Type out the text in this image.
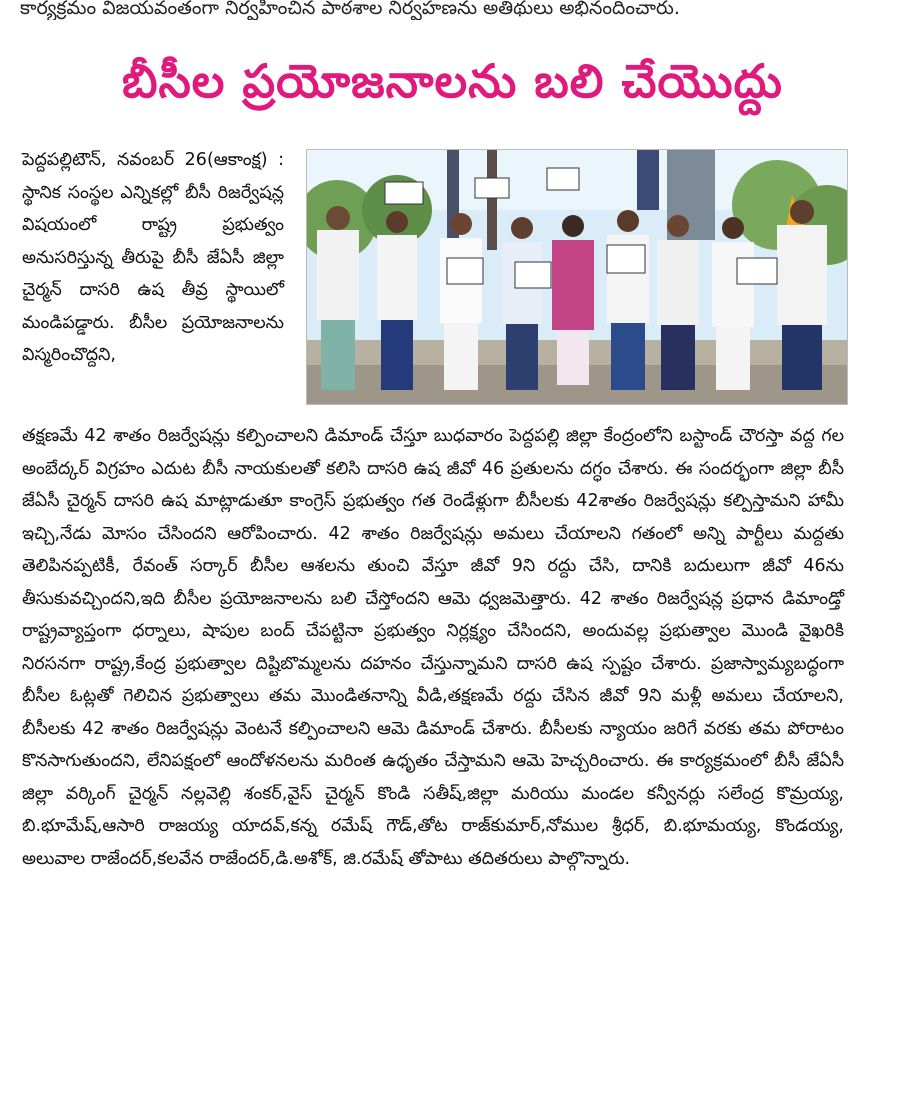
కార్యక్రమం విజయవంతంగా నిర్వహించిన పాఠశాల నిర్వహణను అతిథులు అభినందించారు.
బీసీల ప్రయోజనాలను బలి చేయొద్దు

పెద్దపల్లిటౌన్, నవంబర్ 26(ఆకాంక్ష) : స్థానిక సంస్థల ఎన్నికల్లో బీసీ రిజర్వేషన్ల విషయంలో రాష్ట్ర ప్రభుత్వం అనుసరిస్తున్న తీరుపై బీసీ జేఏసీ జిల్లా చైర్మన్ దాసరి ఉష తీవ్ర స్థాయిలో మండిపడ్డారు. బీసీల ప్రయోజనాలను విస్మరించొద్దని,

తక్షణమే 42 శాతం రిజర్వేషన్లు కల్పించాలని డిమాండ్ చేస్తూ బుధవారం పెద్దపల్లి జిల్లా కేంద్రంలోని బస్టాండ్ చౌరస్తా వద్ద గల అంబేద్కర్ విగ్రహం ఎదుట బీసీ నాయకులతో కలిసి దాసరి ఉష జీవో 46 ప్రతులను దగ్ధం చేశారు. ఈ సందర్భంగా జిల్లా బీసీ జేఏసీ చైర్మన్ దాసరి ఉష మాట్లాడుతూ కాంగ్రెస్ ప్రభుత్వం గత రెండేళ్లుగా బీసీలకు 42శాతం రిజర్వేషన్లు కల్పిస్తామని హామీ ఇచ్చి,నేడు మోసం చేసిందని ఆరోపించారు. 42 శాతం రిజర్వేషన్లు అమలు చేయాలని గతంలో అన్ని పార్టీలు మద్దతు తెలిపినప్పటికీ, రేవంత్ సర్కార్ బీసీల ఆశలను తుంచి వేస్తూ జీవో 9ని రద్దు చేసి, దానికి బదులుగా జీవో 46ను తీసుకువచ్చిందని,ఇది బీసీల ప్రయోజనాలను బలి చేస్తోందని ఆమె ధ్వజమెత్తారు. 42 శాతం రిజర్వేషన్ల ప్రధాన డిమాండ్తో రాష్ట్రవ్యాప్తంగా ధర్నాలు, షాపుల బంద్ చేపట్టినా ప్రభుత్వం నిర్లక్ష్యం చేసిందని, అందువల్ల ప్రభుత్వాల మొండి వైఖరికి నిరసనగా రాష్ట్ర,కేంద్ర ప్రభుత్వాల దిష్టిబొమ్మలను దహనం చేస్తున్నామని దాసరి ఉష స్పష్టం చేశారు. ప్రజాస్వామ్యబద్ధంగా బీసీల ఓట్లతో గెలిచిన ప్రభుత్వాలు తమ మొండితనాన్ని వీడి,తక్షణమే రద్దు చేసిన జీవో 9ని మళ్లీ అమలు చేయాలని, బీసీలకు 42 శాతం రిజర్వేషన్లు వెంటనే కల్పించాలని ఆమె డిమాండ్ చేశారు. బీసీలకు న్యాయం జరిగే వరకు తమ పోరాటం కొనసాగుతుందని, లేనిపక్షంలో ఆందోళనలను మరింత ఉధృతం చేస్తామని ఆమె హెచ్చరించారు. ఈ కార్యక్రమంలో బీసీ జేఏసీ జిల్లా వర్కింగ్ చైర్మన్ నల్లవెల్లి శంకర్,వైస్ చైర్మన్ కొండి సతీష్,జిల్లా మరియు మండల కన్వీనర్లు సలేంద్ర కొమ్రయ్య, బి.భూమేష్,ఆసారి రాజయ్య యాదవ్,కన్న రమేష్ గౌడ్,తోట రాజ్‌కుమార్,నోముల శ్రీధర్, బి.భూమయ్య, కొండయ్య, అలువాల రాజేందర్,కలవేన రాజేందర్,డి.అశోక్, జి.రమేష్ తోపాటు తదితరులు పాల్గొన్నారు.
